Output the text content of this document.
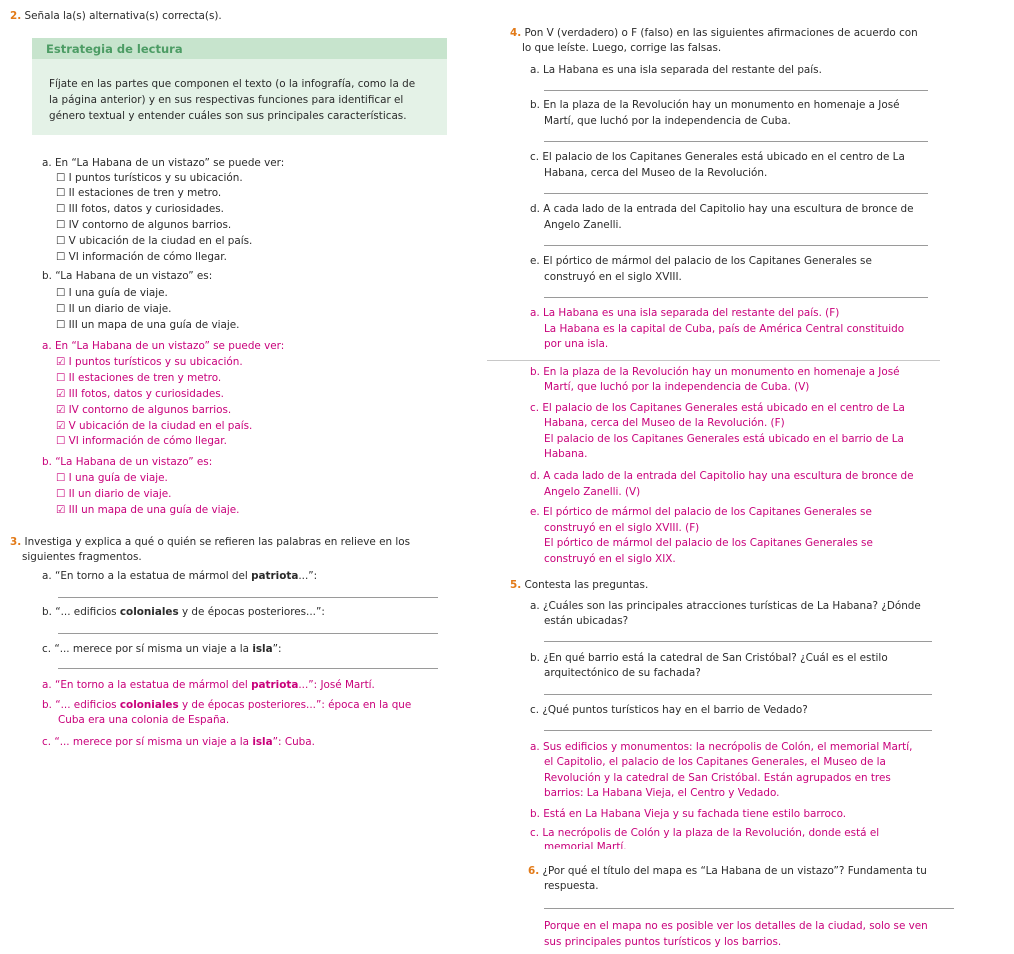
2. Señala la(s) alternativa(s) correcta(s).
Estrategia de lectura
Fíjate en las partes que componen el texto (o la infografía, como la de
la página anterior) y en sus respectivas funciones para identificar el
género textual y entender cuáles son sus principales características.
a. En “La Habana de un vistazo” se puede ver:
☐ I puntos turísticos y su ubicación.
☐ II estaciones de tren y metro.
☐ III fotos, datos y curiosidades.
☐ IV contorno de algunos barrios.
☐ V ubicación de la ciudad en el país.
☐ VI información de cómo llegar.
b. “La Habana de un vistazo” es:
☐ I una guía de viaje.
☐ II un diario de viaje.
☐ III un mapa de una guía de viaje.
a. En “La Habana de un vistazo” se puede ver:
☑ I puntos turísticos y su ubicación.
☐ II estaciones de tren y metro.
☑ III fotos, datos y curiosidades.
☑ IV contorno de algunos barrios.
☑ V ubicación de la ciudad en el país.
☐ VI información de cómo llegar.
b. “La Habana de un vistazo” es:
☐ I una guía de viaje.
☐ II un diario de viaje.
☑ III un mapa de una guía de viaje.
3. Investiga y explica a qué o quién se refieren las palabras en relieve en los
siguientes fragmentos.
a. “En torno a la estatua de mármol del patriota...”:
b. “... edificios coloniales y de épocas posteriores...”:
c. “... merece por sí misma un viaje a la isla”:
a. “En torno a la estatua de mármol del patriota...”: José Martí.
b. “... edificios coloniales y de épocas posteriores...”: época en la que
Cuba era una colonia de España.
c. “... merece por sí misma un viaje a la isla”: Cuba.
4. Pon V (verdadero) o F (falso) en las siguientes afirmaciones de acuerdo con
lo que leíste. Luego, corrige las falsas.
a. La Habana es una isla separada del restante del país.
b. En la plaza de la Revolución hay un monumento en homenaje a José
Martí, que luchó por la independencia de Cuba.
c. El palacio de los Capitanes Generales está ubicado en el centro de La
Habana, cerca del Museo de la Revolución.
d. A cada lado de la entrada del Capitolio hay una escultura de bronce de
Angelo Zanelli.
e. El pórtico de mármol del palacio de los Capitanes Generales se
construyó en el siglo XVIII.
a. La Habana es una isla separada del restante del país. (F)
La Habana es la capital de Cuba, país de América Central constituido
por una isla.
b. En la plaza de la Revolución hay un monumento en homenaje a José
Martí, que luchó por la independencia de Cuba. (V)
c. El palacio de los Capitanes Generales está ubicado en el centro de La
Habana, cerca del Museo de la Revolución. (F)
El palacio de los Capitanes Generales está ubicado en el barrio de La
Habana.
d. A cada lado de la entrada del Capitolio hay una escultura de bronce de
Angelo Zanelli. (V)
e. El pórtico de mármol del palacio de los Capitanes Generales se
construyó en el siglo XVIII. (F)
El pórtico de mármol del palacio de los Capitanes Generales se
construyó en el siglo XIX.
5. Contesta las preguntas.
a. ¿Cuáles son las principales atracciones turísticas de La Habana? ¿Dónde
están ubicadas?
b. ¿En qué barrio está la catedral de San Cristóbal? ¿Cuál es el estilo
arquitectónico de su fachada?
c. ¿Qué puntos turísticos hay en el barrio de Vedado?
a. Sus edificios y monumentos: la necrópolis de Colón, el memorial Martí,
el Capitolio, el palacio de los Capitanes Generales, el Museo de la
Revolución y la catedral de San Cristóbal. Están agrupados en tres
barrios: La Habana Vieja, el Centro y Vedado.
b. Está en La Habana Vieja y su fachada tiene estilo barroco.
c. La necrópolis de Colón y la plaza de la Revolución, donde está el
memorial Martí.
6. ¿Por qué el título del mapa es “La Habana de un vistazo”? Fundamenta tu
respuesta.
Porque en el mapa no es posible ver los detalles de la ciudad, solo se ven
sus principales puntos turísticos y los barrios.
